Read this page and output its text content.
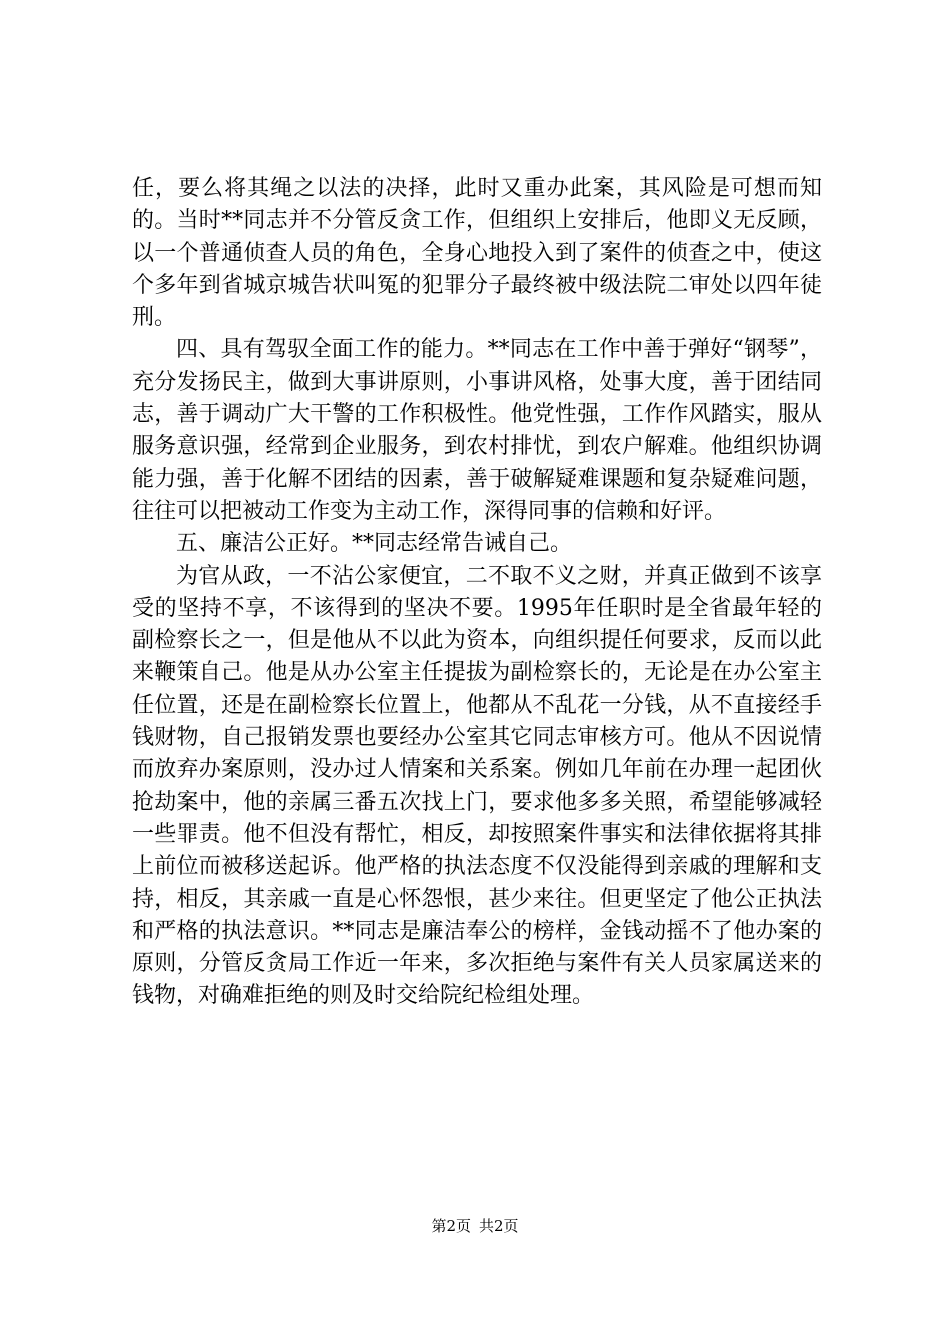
任，要么将其绳之以法的决择，此时又重办此案，其风险是可想而知的。当时**同志并不分管反贪工作，但组织上安排后，他即义无反顾，以一个普通侦查人员的角色，全身心地投入到了案件的侦查之中，使这个多年到省城京城告状叫冤的犯罪分子最终被中级法院二审处以四年徒刑。

四、具有驾驭全面工作的能力。**同志在工作中善于弹好“钢琴”，充分发扬民主，做到大事讲原则，小事讲风格，处事大度，善于团结同志，善于调动广大干警的工作积极性。他党性强，工作作风踏实，服从服务意识强，经常到企业服务，到农村排忧，到农户解难。他组织协调能力强，善于化解不团结的因素，善于破解疑难课题和复杂疑难问题，往往可以把被动工作变为主动工作，深得同事的信赖和好评。

五、廉洁公正好。**同志经常告诫自己。

为官从政，一不沾公家便宜，二不取不义之财，并真正做到不该享受的坚持不享，不该得到的坚决不要。1995年任职时是全省最年轻的副检察长之一，但是他从不以此为资本，向组织提任何要求，反而以此来鞭策自己。他是从办公室主任提拔为副检察长的，无论是在办公室主任位置，还是在副检察长位置上，他都从不乱花一分钱，从不直接经手钱财物，自己报销发票也要经办公室其它同志审核方可。他从不因说情而放弃办案原则，没办过人情案和关系案。例如几年前在办理一起团伙抢劫案中，他的亲属三番五次找上门，要求他多多关照，希望能够减轻一些罪责。他不但没有帮忙，相反，却按照案件事实和法律依据将其排上前位而被移送起诉。他严格的执法态度不仅没能得到亲戚的理解和支持，相反，其亲戚一直是心怀怨恨，甚少来往。但更坚定了他公正执法和严格的执法意识。**同志是廉洁奉公的榜样，金钱动摇不了他办案的原则，分管反贪局工作近一年来，多次拒绝与案件有关人员家属送来的钱物，对确难拒绝的则及时交给院纪检组处理。

第2页 共2页
